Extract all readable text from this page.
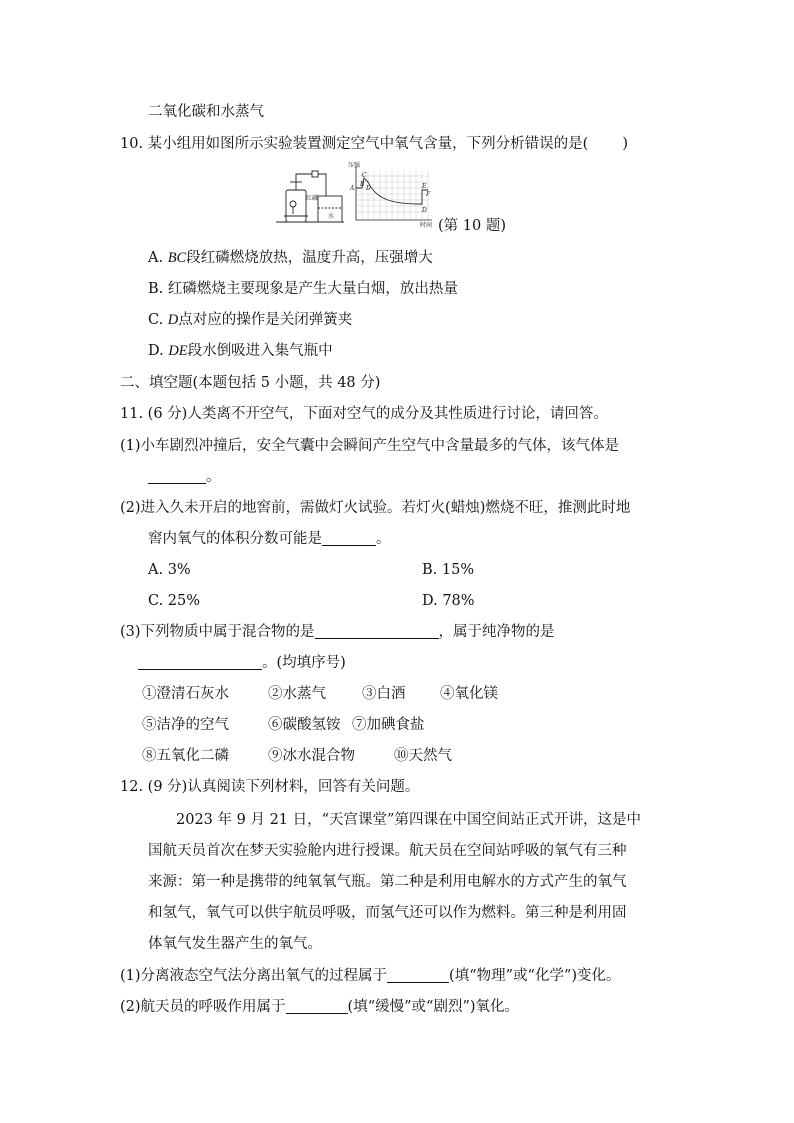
二氧化碳和水蒸气
10. 某小组用如图所示实验装置测定空气中氧气含量，下列分析错误的是( )
红磷
水
压强
时间
A
B
C
D	E
F
D
(第 10 题)
A. BC段红磷燃烧放热，温度升高，压强增大
B. 红磷燃烧主要现象是产生大量白烟，放出热量
C. D点对应的操作是关闭弹簧夹
D. DE段水倒吸进入集气瓶中
二、填空题(本题包括 5 小题，共 48 分)
11. (6 分)人类离不开空气，下面对空气的成分及其性质进行讨论，请回答。
(1)小车剧烈冲撞后，安全气囊中会瞬间产生空气中含量最多的气体，该气体是
。
(2)进入久未开启的地窖前，需做灯火试验。若灯火(蜡烛)燃烧不旺，推测此时地
窖内氧气的体积分数可能是	。
A. 3%	B. 15%
C. 25%	D. 78%
(3)下列物质中属于混合物的是	，属于纯净物的是
。(均填序号)
①澄清石灰水	②水蒸气 ③白酒 ④氧化镁
⑤洁净的空气	⑥碳酸氢铵 ⑦加碘食盐
⑧五氧化二磷	⑨冰水混合物	⑩天然气
12. (9 分)认真阅读下列材料，回答有关问题。
2023 年 9 月 21 日，“天宫课堂”第四课在中国空间站正式开讲，这是中
国航天员首次在梦天实验舱内进行授课。航天员在空间站呼吸的氧气有三种
来源：第一种是携带的纯氧氧气瓶。第二种是利用电解水的方式产生的氧气
和氢气，氧气可以供宇航员呼吸，而氢气还可以作为燃料。第三种是利用固
体氧气发生器产生的氧气。
(1)分离液态空气法分离出氧气的过程属于	(填“物理”或“化学”)变化。
(2)航天员的呼吸作用属于	(填“缓慢”或“剧烈”)氧化。
